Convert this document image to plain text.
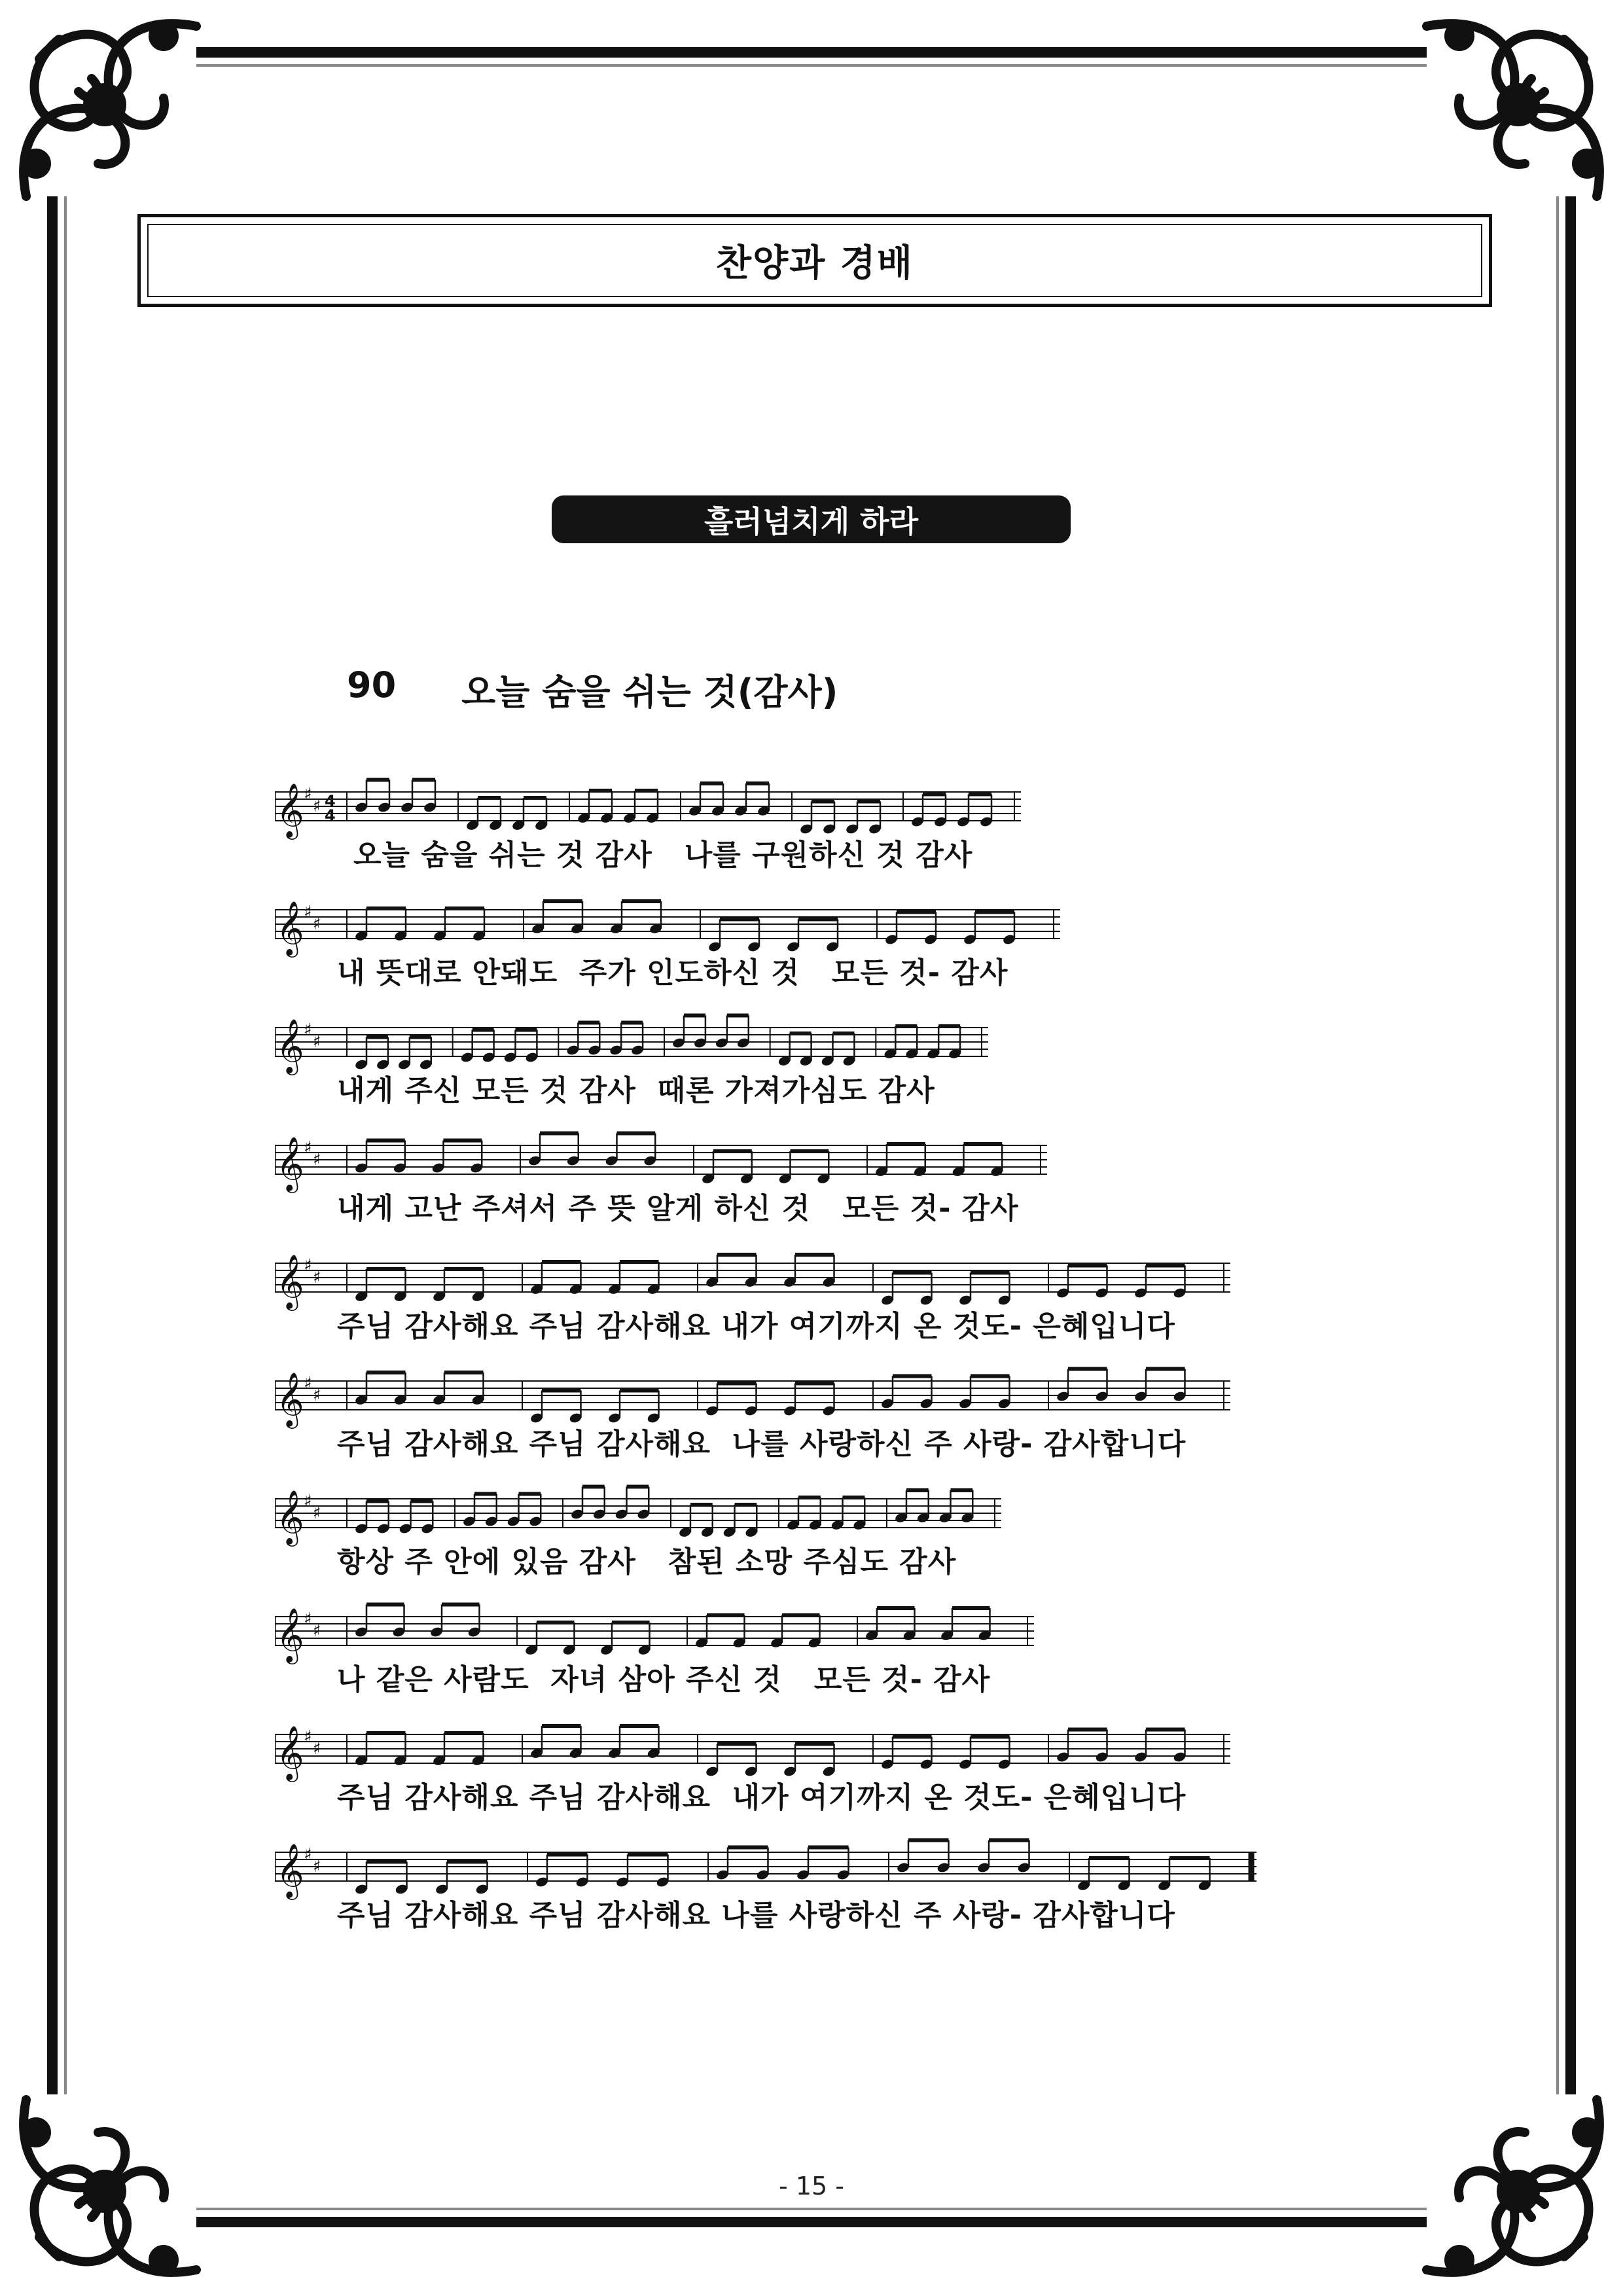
찬양과 경배
흘러넘치게 하라
90 오늘 숨을 쉬는 것(감사)
𝄞 ♯
♯ 4
4
오늘 숨을 쉬는 것 감사   나를 구원하신 것 감사
𝄞 ♯
♯
내 뜻대로 안돼도  주가 인도하신 것   모든 것- 감사
𝄞 ♯
♯
내게 주신 모든 것 감사  때론 가져가심도 감사
𝄞 ♯
♯
내게 고난 주셔서 주 뜻 알게 하신 것   모든 것- 감사
𝄞 ♯
♯
주님 감사해요 주님 감사해요 내가 여기까지 온 것도- 은혜입니다
𝄞 ♯
♯
주님 감사해요 주님 감사해요  나를 사랑하신 주 사랑- 감사합니다
𝄞 ♯
♯
항상 주 안에 있음 감사   참된 소망 주심도 감사
𝄞 ♯
♯
나 같은 사람도  자녀 삼아 주신 것   모든 것- 감사
𝄞 ♯
♯
주님 감사해요 주님 감사해요  내가 여기까지 온 것도- 은혜입니다
𝄞 ♯
♯
주님 감사해요 주님 감사해요 나를 사랑하신 주 사랑- 감사합니다
- 15 -
